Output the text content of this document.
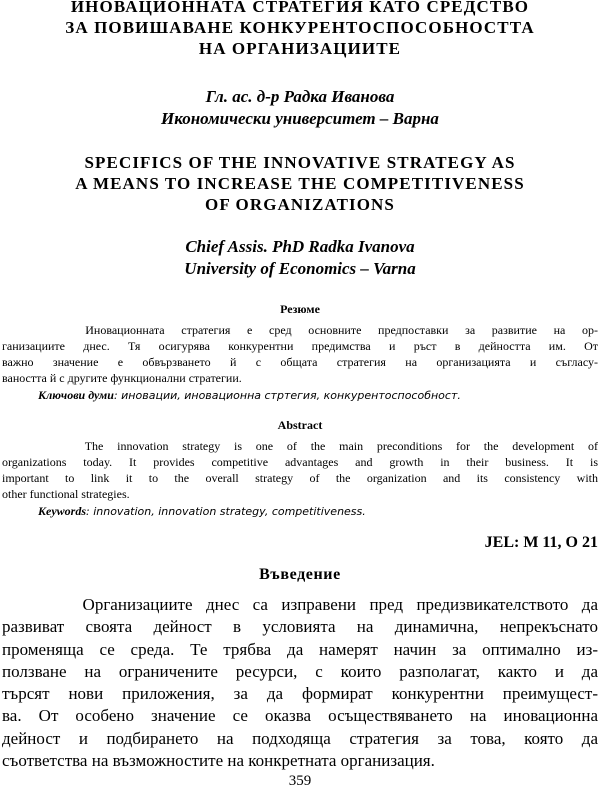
ИНОВАЦИОННАТА СТРАТЕГИЯ КАТО СРЕДСТВО
ЗА ПОВИШАВАНЕ КОНКУРЕНТОСПОСОБНОСТТА
НА ОРГАНИЗАЦИИТЕ
Гл. ас. д-р Радка Иванова
Икономически университет – Варна
SPECIFICS OF THE INNOVATIVE STRATEGY AS
A MEANS TO INCREASE THE COMPETITIVENESS
OF ORGANIZATIONS
Chief Assis. PhD Radka Ivanova
University of Economics – Varna
Резюме
Иновационната стратегия е сред основните предпоставки за развитие на ор-
ганизациите днес. Тя осигурява конкурентни предимства и ръст в дейността им. От
важно значение е обвързването й с общата стратегия на организацията и съгласу-
ваността й с другите функционални стратегии.
Ключови думи: иновации, иновационна стртегия, конкурентоспособност.
Abstract
The innovation strategy is one of the main preconditions for the development of
organizations today. It provides competitive advantages and growth in their business. It is
important to link it to the overall strategy of the organization and its consistency with
other functional strategies.
Keywords: innovation, innovation strategy, competitiveness.
JEL: M 11, O 21
Въведение
Организациите днес са изправени пред предизвикателството да
развиват своята дейност в условията на динамична, непрекъснато
променяща се среда. Те трябва да намерят начин за оптимално из-
ползване на ограничените ресурси, с които разполагат, както и да
търсят нови приложения, за да формират конкурентни преимущест-
ва. От особено значение се оказва осъществяването на иновационна
дейност и подбирането на подходяща стратегия за това, която да
съответства на възможностите на конкретната организация.
359
